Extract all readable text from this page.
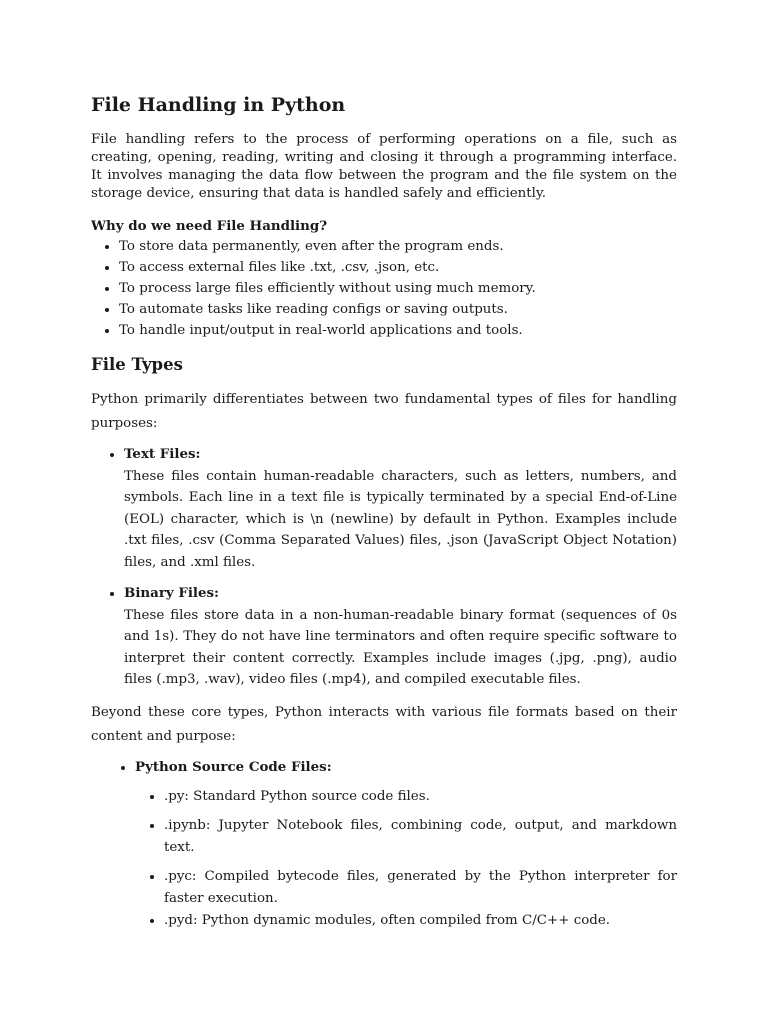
File Handling in Python

File handling refers to the process of performing operations on a file, such as creating, opening, reading, writing and closing it through a programming interface. It involves managing the data flow between the program and the file system on the storage device, ensuring that data is handled safely and efficiently.

Why do we need File Handling?
• To store data permanently, even after the program ends.
• To access external files like .txt, .csv, .json, etc.
• To process large files efficiently without using much memory.
• To automate tasks like reading configs or saving outputs.
• To handle input/output in real-world applications and tools.
File Types

Python primarily differentiates between two fundamental types of files for handling purposes:

• Text Files:
These files contain human-readable characters, such as letters, numbers, and symbols. Each line in a text file is typically terminated by a special End-of-Line (EOL) character, which is \n (newline) by default in Python. Examples include .txt files, .csv (Comma Separated Values) files, .json (JavaScript Object Notation) files, and .xml files.
• Binary Files:
These files store data in a non-human-readable binary format (sequences of 0s and 1s). They do not have line terminators and often require specific software to interpret their content correctly. Examples include images (.jpg, .png), audio files (.mp3, .wav), video files (.mp4), and compiled executable files.

Beyond these core types, Python interacts with various file formats based on their content and purpose:

• Python Source Code Files:
• .py: Standard Python source code files.
• .ipynb: Jupyter Notebook files, combining code, output, and markdown text.
• .pyc: Compiled bytecode files, generated by the Python interpreter for faster execution.
• .pyd: Python dynamic modules, often compiled from C/C++ code.
